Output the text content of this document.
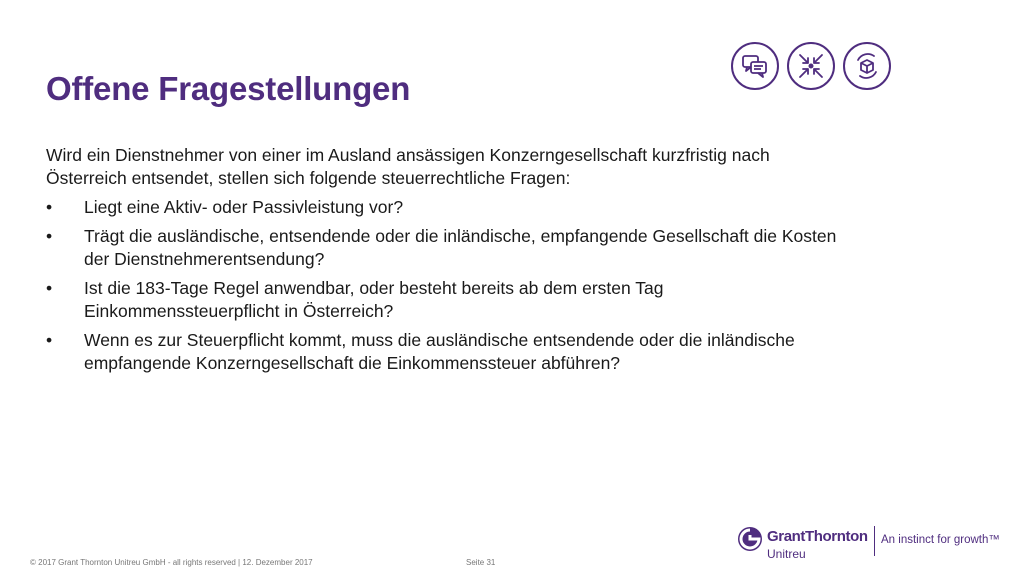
Offene Fragestellungen

Wird ein Dienstnehmer von einer im Ausland ansässigen Konzerngesellschaft kurzfristig nach Österreich entsendet, stellen sich folgende steuerrechtliche Fragen:

• Liegt eine Aktiv- oder Passivleistung vor?
• Trägt die ausländische, entsendende oder die inländische, empfangende Gesellschaft die Kosten der Dienstnehmerentsendung?
• Ist die 183-Tage Regel anwendbar, oder besteht bereits ab dem ersten Tag Einkommenssteuerpflicht in Österreich?
• Wenn es zur Steuerpflicht kommt, muss die ausländische entsendende oder die inländische empfangende Konzerngesellschaft die Einkommenssteuer abführen?
© 2017 Grant Thornton Unitreu GmbH - all rights reserved | 12. Dezember 2017	Seite 31
GrantThornton
Unitreu
An instinct for growth™
